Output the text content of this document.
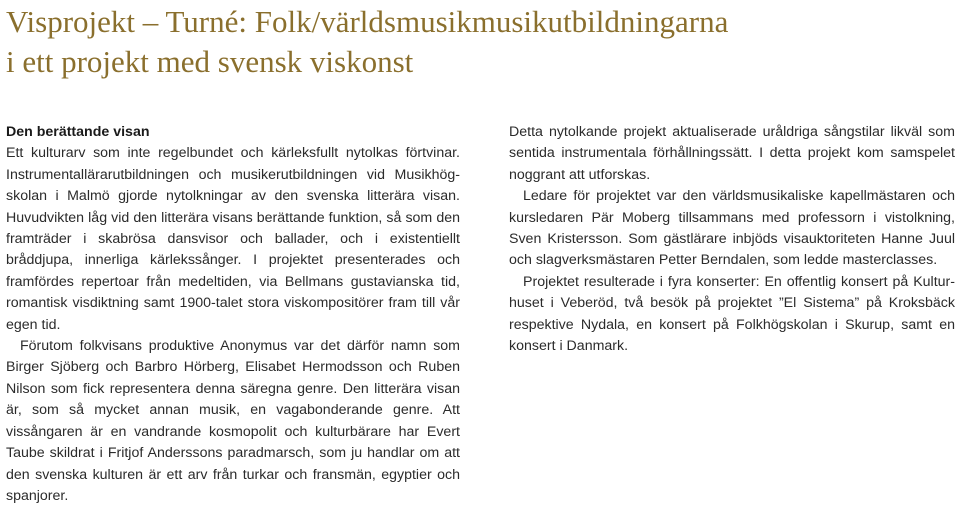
Visprojekt – Turné: Folk/världsmusikmusikutbildningarna
i ett projekt med svensk viskonst
Den berättande visan

Ett kulturarv som inte regelbundet och kärleksfullt nytolkas förtvinar. Instrumentallärarutbildningen och musikerutbildningen vid Musikhög-skolan i Malmö gjorde nytolkningar av den svenska litterära visan. Huvudvikten låg vid den litterära visans berättande funktion, så som den framträder i skabrösa dansvisor och ballader, och i existentiellt bråddjupa, innerliga kärlekssånger. I projektet presenterades och framfördes repertoar från medeltiden, via Bellmans gustavianska tid, romantisk visdiktning samt 1900-talet stora viskompositörer fram till vår egen tid.

Förutom folkvisans produktive Anonymus var det därför namn som Birger Sjöberg och Barbro Hörberg, Elisabet Hermodsson och Ruben Nilson som fick representera denna säregna genre. Den litterära visan är, som så mycket annan musik, en vagabonderande genre. Att vissångaren är en vandrande kosmopolit och kulturbärare har Evert Taube skildrat i Fritjof Anderssons paradmarsch, som ju handlar om att den svenska kulturen är ett arv från turkar och fransmän, egyptier och spanjorer.

Detta nytolkande projekt aktualiserade uråldriga sångstilar likväl som sentida instrumentala förhållningssätt. I detta projekt kom samspelet noggrant att utforskas.

Ledare för projektet var den världsmusikaliske kapellmästaren och kursledaren Pär Moberg tillsammans med professorn i vistolkning, Sven Kristersson. Som gästlärare inbjöds visauktoriteten Hanne Juul och slagverksmästaren Petter Berndalen, som ledde masterclasses.

Projektet resulterade i fyra konserter: En offentlig konsert på Kultur-huset i Veberöd, två besök på projektet ”El Sistema” på Kroksbäck respektive Nydala, en konsert på Folkhögskolan i Skurup, samt en konsert i Danmark.
